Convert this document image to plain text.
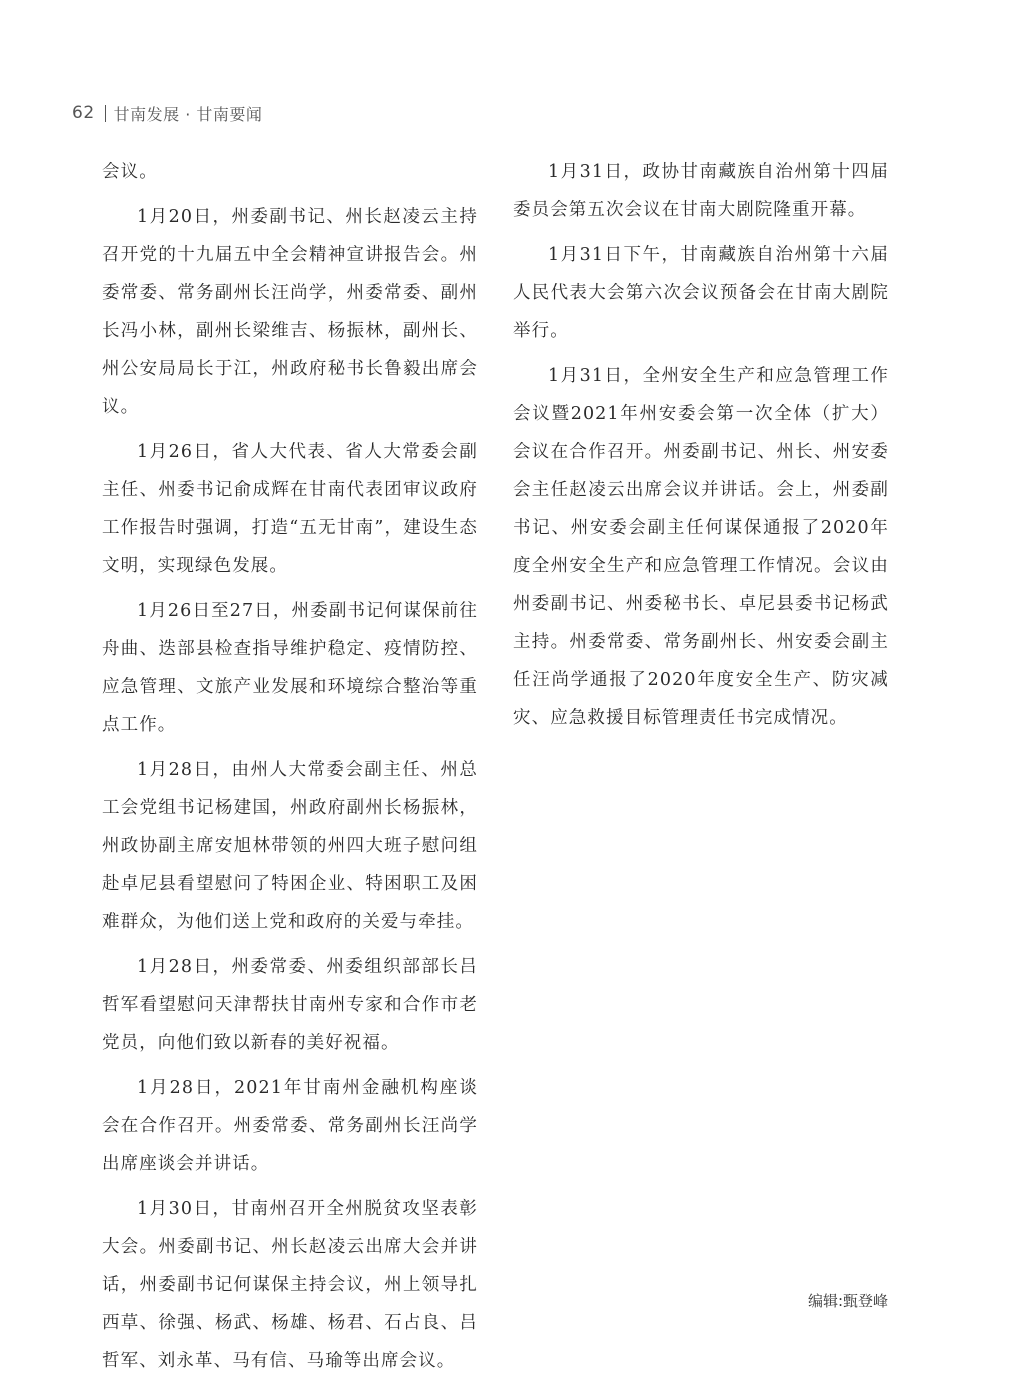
62 甘南发展 · 甘南要闻

会议。

1月20日，州委副书记、州长赵凌云主持召开党的十九届五中全会精神宣讲报告会。州委常委、常务副州长汪尚学，州委常委、副州长冯小林，副州长梁维吉、杨振林，副州长、州公安局局长于江，州政府秘书长鲁毅出席会议。

1月26日，省人大代表、省人大常委会副主任、州委书记俞成辉在甘南代表团审议政府工作报告时强调，打造“五无甘南”，建设生态文明，实现绿色发展。

1月26日至27日，州委副书记何谋保前往舟曲、迭部县检查指导维护稳定、疫情防控、应急管理、文旅产业发展和环境综合整治等重点工作。

1月28日，由州人大常委会副主任、州总工会党组书记杨建国，州政府副州长杨振林，州政协副主席安旭林带领的州四大班子慰问组赴卓尼县看望慰问了特困企业、特困职工及困难群众，为他们送上党和政府的关爱与牵挂。

1月28日，州委常委、州委组织部部长吕哲军看望慰问天津帮扶甘南州专家和合作市老党员，向他们致以新春的美好祝福。

1月28日，2021年甘南州金融机构座谈会在合作召开。州委常委、常务副州长汪尚学出席座谈会并讲话。

1月30日，甘南州召开全州脱贫攻坚表彰大会。州委副书记、州长赵凌云出席大会并讲话，州委副书记何谋保主持会议，州上领导扎西草、徐强、杨武、杨雄、杨君、石占良、吕哲军、刘永革、马有信、马瑜等出席会议。

1月31日，政协甘南藏族自治州第十四届委员会第五次会议在甘南大剧院隆重开幕。

1月31日下午，甘南藏族自治州第十六届人民代表大会第六次会议预备会在甘南大剧院举行。

1月31日，全州安全生产和应急管理工作会议暨2021年州安委会第一次全体（扩大）会议在合作召开。州委副书记、州长、州安委会主任赵凌云出席会议并讲话。会上，州委副书记、州安委会副主任何谋保通报了2020年度全州安全生产和应急管理工作情况。会议由州委副书记、州委秘书长、卓尼县委书记杨武主持。州委常委、常务副州长、州安委会副主任汪尚学通报了2020年度安全生产、防灾减灾、应急救援目标管理责任书完成情况。

编辑:甄登峰
